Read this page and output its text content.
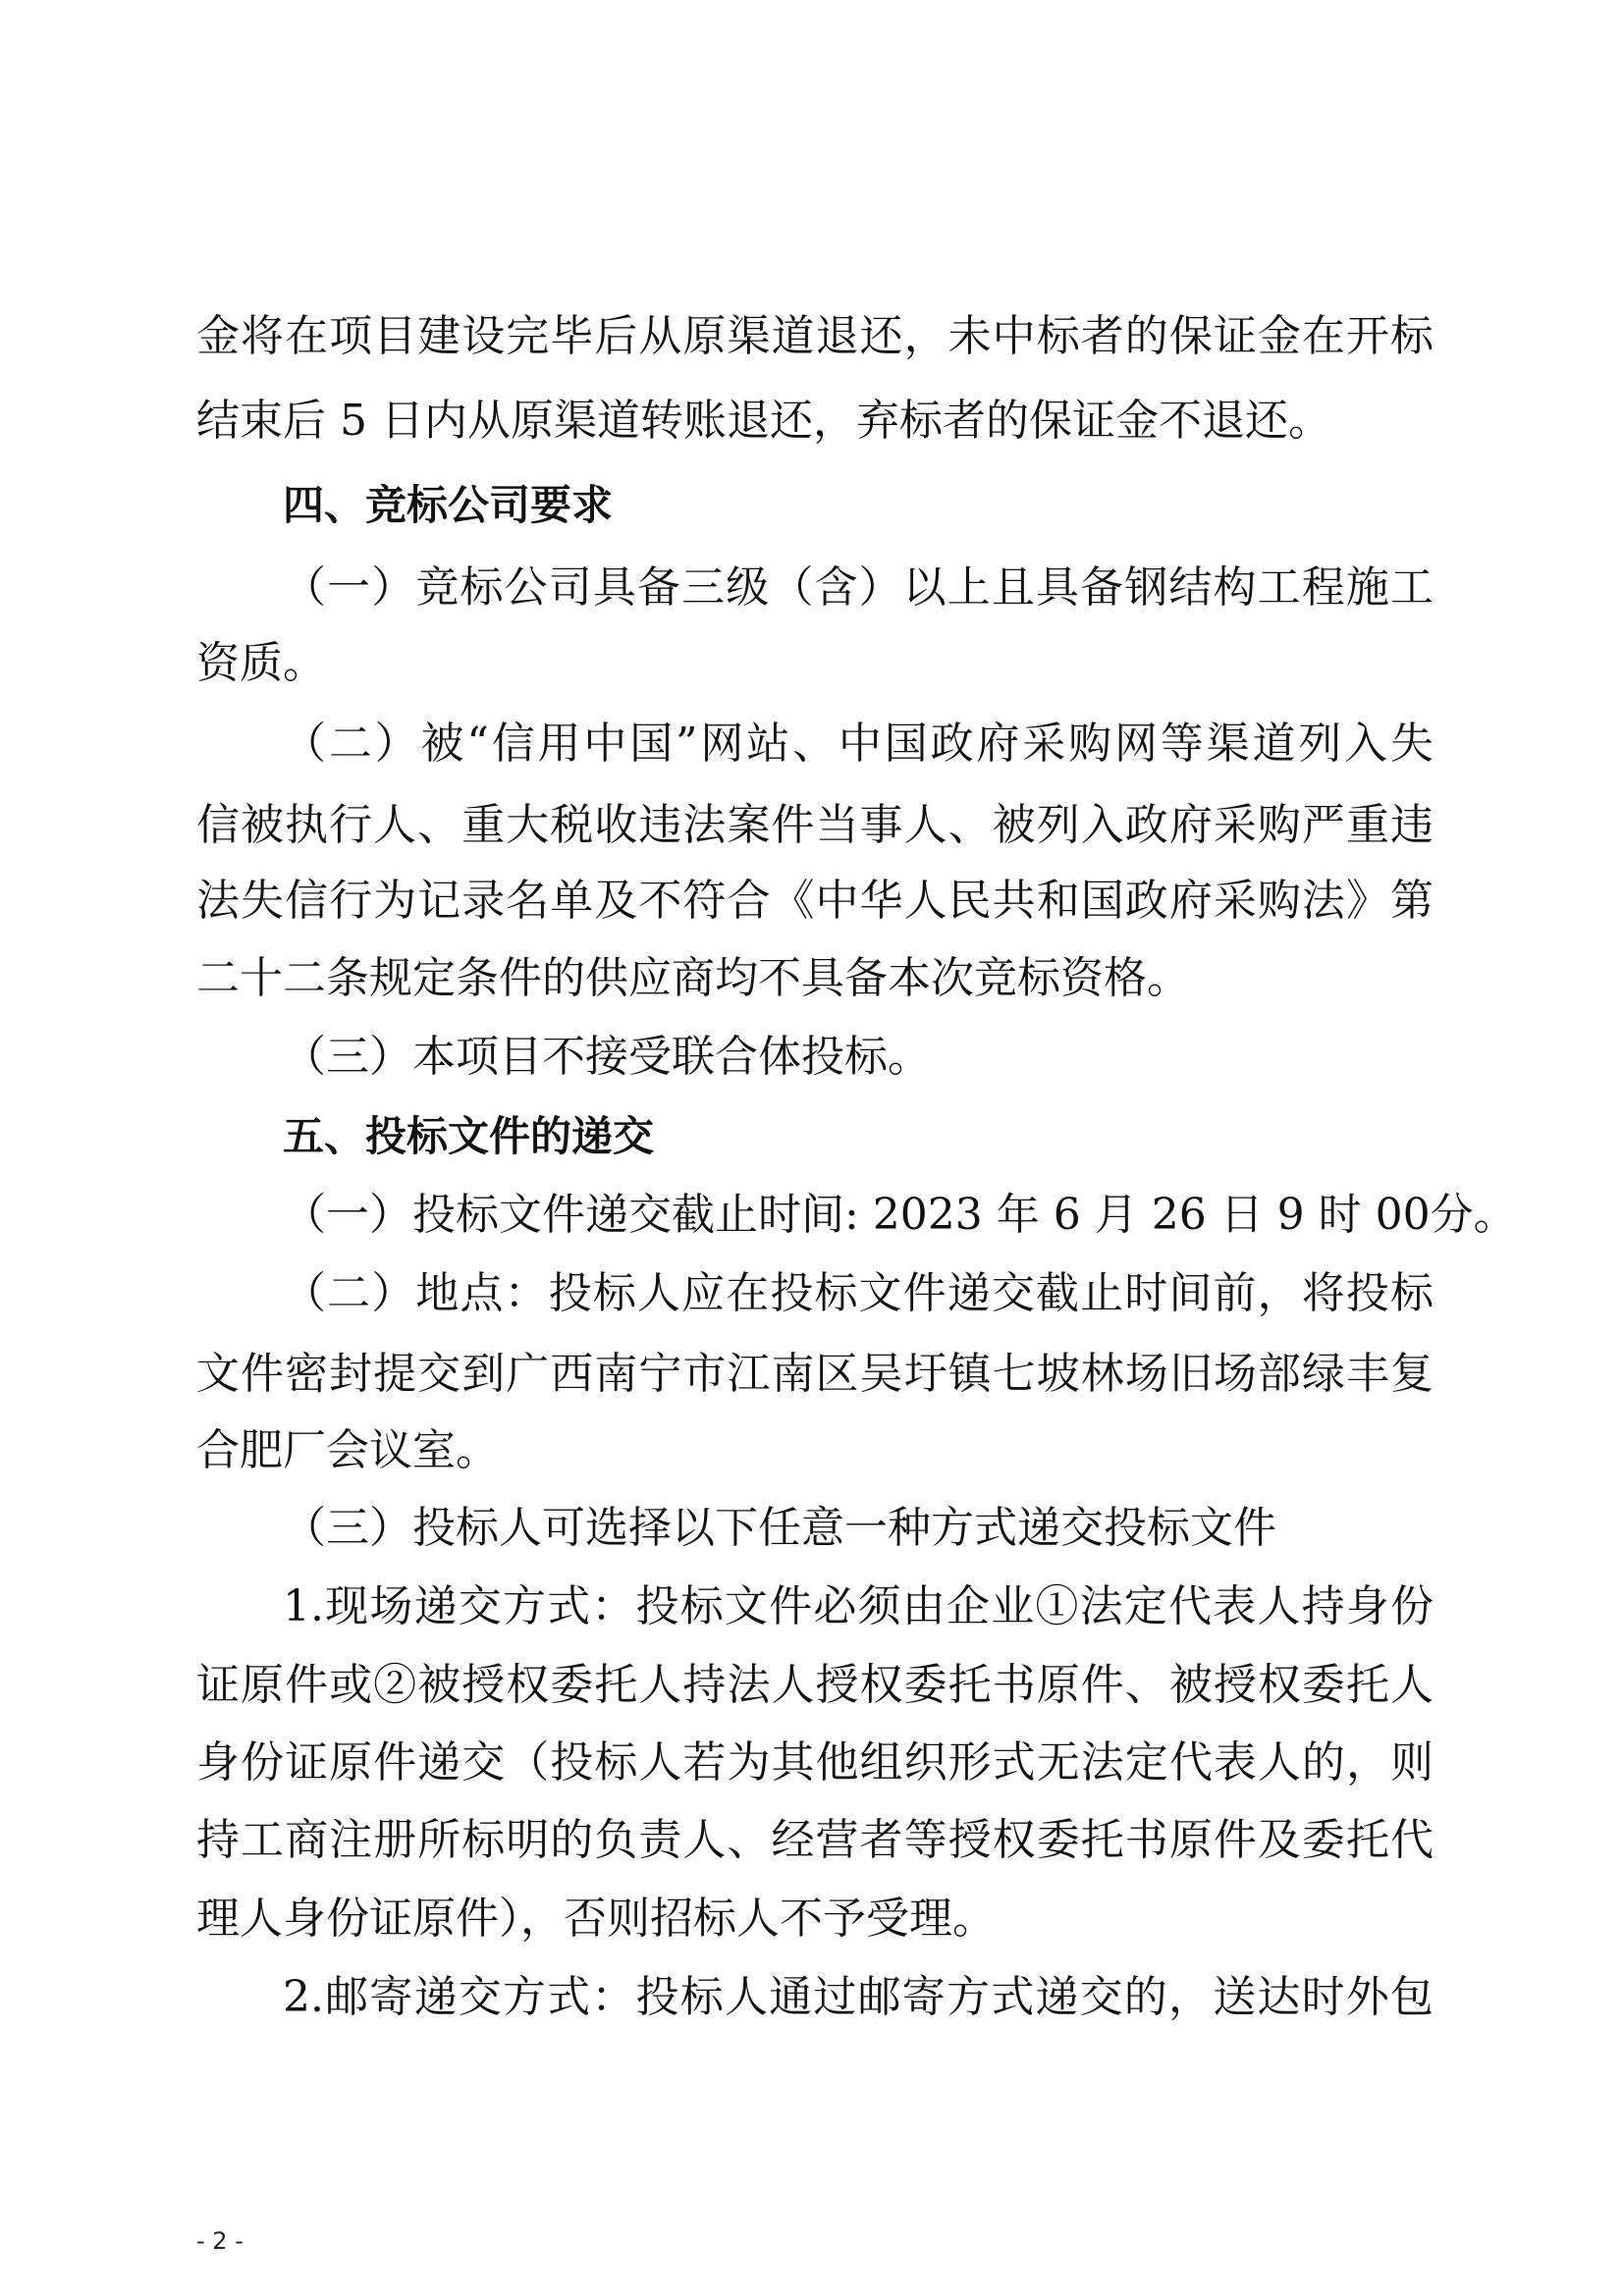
金将在项目建设完毕后从原渠道退还，未中标者的保证金在开标
结束后 5 日内从原渠道转账退还，弃标者的保证金不退还。
四、竞标公司要求
（一）竞标公司具备三级（含）以上且具备钢结构工程施工
资质。
（二）被“信用中国”网站、中国政府采购网等渠道列入失
信被执行人、重大税收违法案件当事人、被列入政府采购严重违
法失信行为记录名单及不符合《中华人民共和国政府采购法》第
二十二条规定条件的供应商均不具备本次竞标资格。
（三）本项目不接受联合体投标。
五、投标文件的递交
（一）投标文件递交截止时间: 2023 年 6 月 26 日 9 时 00分。
（二）地点：投标人应在投标文件递交截止时间前，将投标
文件密封提交到广西南宁市江南区吴圩镇七坡林场旧场部绿丰复
合肥厂会议室。
（三）投标人可选择以下任意一种方式递交投标文件
1.现场递交方式：投标文件必须由企业①法定代表人持身份
证原件或②被授权委托人持法人授权委托书原件、被授权委托人
身份证原件递交（投标人若为其他组织形式无法定代表人的，则
持工商注册所标明的负责人、经营者等授权委托书原件及委托代
理人身份证原件），否则招标人不予受理。
2.邮寄递交方式：投标人通过邮寄方式递交的，送达时外包
- 2 -
